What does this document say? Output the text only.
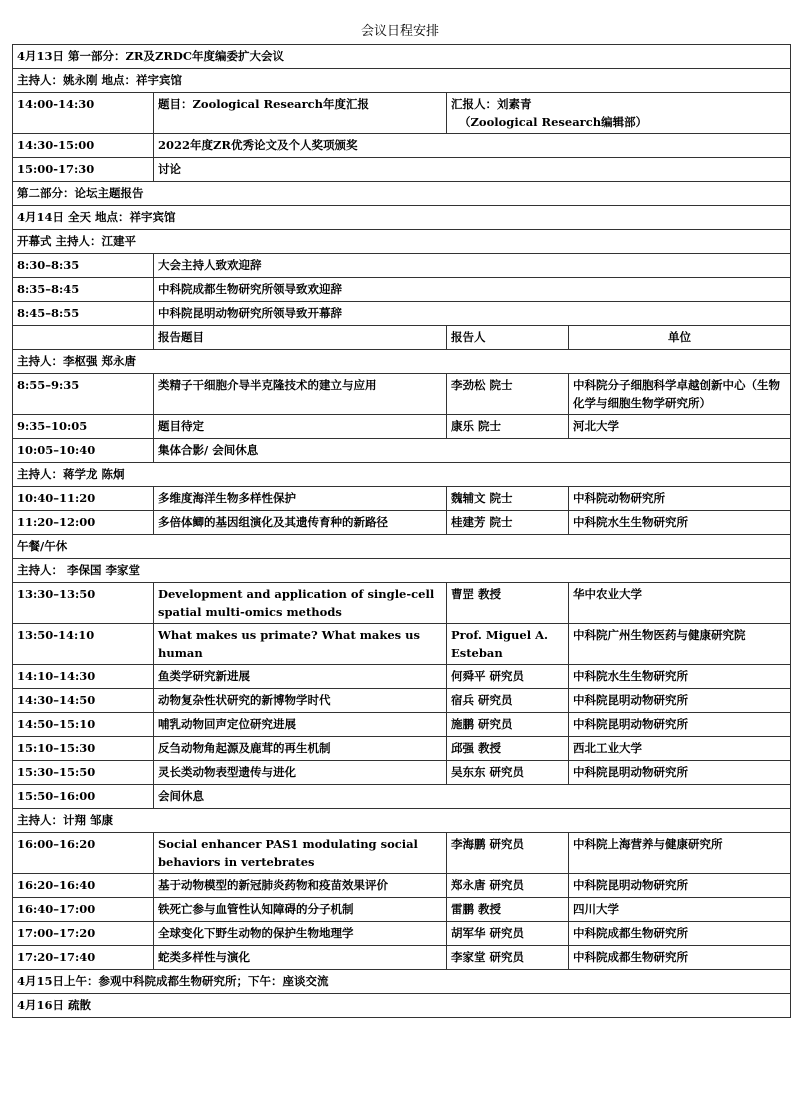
会议日程安排
4月13日 第一部分：ZR及ZRDC年度编委扩大会议			
主持人：姚永刚 地点：祥宇宾馆			
14:00-14:30	题目：Zoological Research年度汇报	汇报人：刘素青
（Zoological Research编辑部）	
14:30-15:00	2022年度ZR优秀论文及个人奖项颁奖		
15:00-17:30	讨论		
第二部分：论坛主题报告			
4月14日 全天 地点：祥宇宾馆			
开幕式 主持人：江建平			
8:30–8:35	大会主持人致欢迎辞		
8:35–8:45	中科院成都生物研究所领导致欢迎辞		
8:45–8:55	中科院昆明动物研究所领导致开幕辞		
	报告题目	报告人	单位
主持人：李枢强 郑永唐			
8:55–9:35	类精子干细胞介导半克隆技术的建立与应用	李劲松 院士	中科院分子细胞科学卓越创新中心（生物化学与细胞生物学研究所）
9:35–10:05	题目待定	康乐 院士	河北大学
10:05–10:40	集体合影/ 会间休息		
主持人：蒋学龙 陈炯			
10:40–11:20	多维度海洋生物多样性保护	魏辅文 院士	中科院动物研究所
11:20–12:00	多倍体鲫的基因组演化及其遗传育种的新路径	桂建芳 院士	中科院水生生物研究所
午餐/午休			
主持人： 李保国 李家堂			
13:30–13:50	Development and application of single-cell spatial multi-omics methods	曹罡 教授	华中农业大学
13:50-14:10	What makes us primate? What makes us human	Prof. Miguel A. Esteban	中科院广州生物医药与健康研究院
14:10–14:30	鱼类学研究新进展	何舜平 研究员	中科院水生生物研究所
14:30–14:50	动物复杂性状研究的新博物学时代	宿兵 研究员	中科院昆明动物研究所
14:50–15:10	哺乳动物回声定位研究进展	施鹏 研究员	中科院昆明动物研究所
15:10–15:30	反刍动物角起源及鹿茸的再生机制	邱强 教授	西北工业大学
15:30–15:50	灵长类动物表型遗传与进化	吴东东 研究员	中科院昆明动物研究所
15:50–16:00	会间休息		
主持人：计翔 邹康			
16:00–16:20	Social enhancer PAS1 modulating social behaviors in vertebrates	李海鹏 研究员	中科院上海营养与健康研究所
16:20–16:40	基于动物模型的新冠肺炎药物和疫苗效果评价	郑永唐 研究员	中科院昆明动物研究所
16:40–17:00	铁死亡参与血管性认知障碍的分子机制	雷鹏 教授	四川大学
17:00–17:20	全球变化下野生动物的保护生物地理学	胡军华 研究员	中科院成都生物研究所
17:20–17:40	蛇类多样性与演化	李家堂 研究员	中科院成都生物研究所
4月15日上午：参观中科院成都生物研究所；下午：座谈交流			
4月16日 疏散			
